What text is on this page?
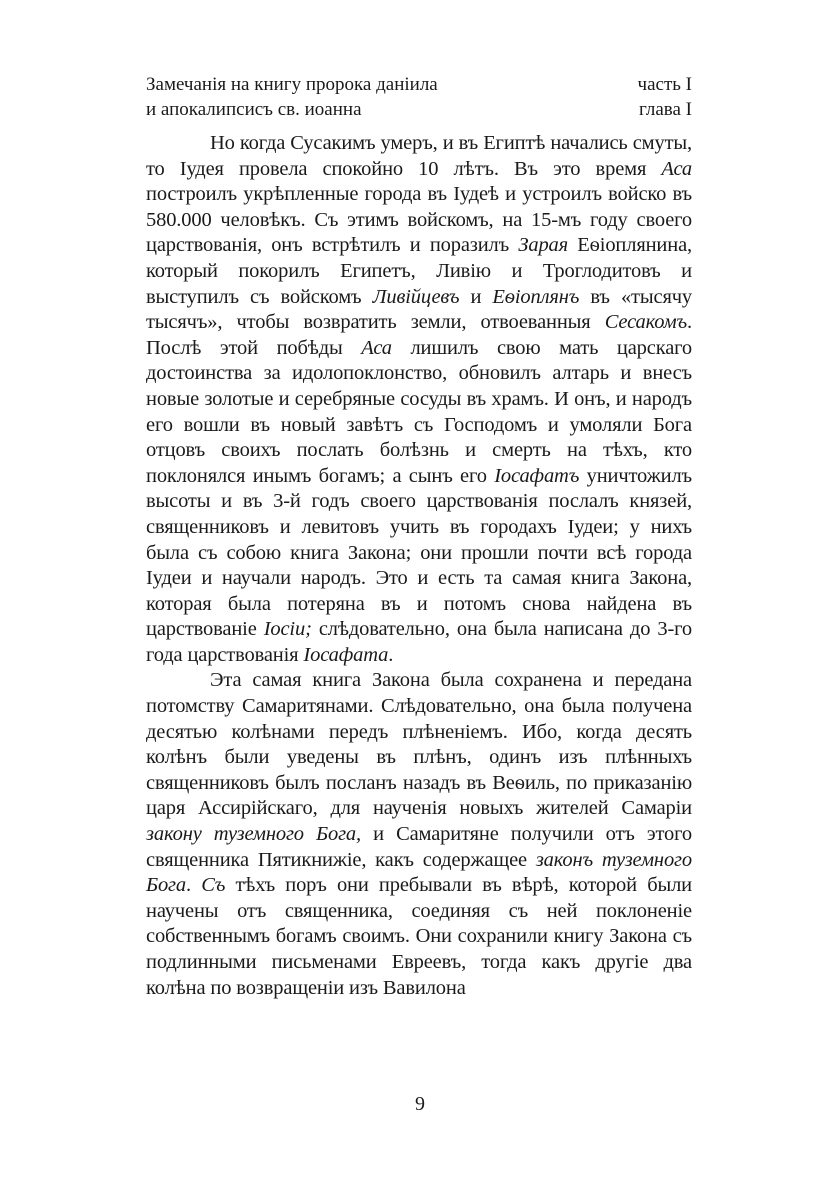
Замечанія на книгу пророка даніила	часть I
и апокалипсисъ св. иоанна	глава I

Но когда Сусакимъ умеръ, и въ Египтѣ начались смуты, то Іудея провела спокойно 10 лѣтъ. Въ это время Аса построилъ укрѣпленные города въ Іудеѣ и устроилъ войско въ 580.000 человѣкъ. Съ этимъ войскомъ, на 15-мъ году своего царствованія, онъ встрѣтилъ и поразилъ Зарая Еѳіоплянина, который покорилъ Египетъ, Ливію и Троглодитовъ и выступилъ съ войскомъ Ливійцевъ и Еѳіоплянъ въ «тысячу тысячъ», чтобы возвратить земли, отвоеванныя Сесакомъ. Послѣ этой побѣды Аса лишилъ свою мать царскаго достоинства за идолопоклонство, обновилъ алтарь и внесъ новые золотые и серебряные сосуды въ храмъ. И онъ, и народъ его вошли въ новый завѣтъ съ Господомъ и умоляли Бога отцовъ своихъ послать болѣзнь и смерть на тѣхъ, кто поклонялся инымъ богамъ; а сынъ его Іосафатъ уничтожилъ высоты и въ 3-й годъ своего царствованія послалъ князей, священниковъ и левитовъ учить въ городахъ Іудеи; у нихъ была съ собою книга Закона; они прошли почти всѣ города Іудеи и научали народъ. Это и есть та самая книга Закона, которая была потеряна въ и потомъ снова найдена въ царствованіе Іосіи; слѣдовательно, она была написана до 3-го года царствованія Іосафата.

Эта самая книга Закона была сохранена и передана потомству Самаритянами. Слѣдовательно, она была получена десятью колѣнами передъ плѣненіемъ. Ибо, когда десять колѣнъ были уведены въ плѣнъ, одинъ изъ плѣнныхъ священниковъ былъ посланъ назадъ въ Веѳиль, по приказанію царя Ассирійскаго, для наученія новыхъ жителей Самаріи закону туземного Бога, и Самаритяне получили отъ этого священника Пятикнижіе, какъ содержащее законъ туземного Бога. Съ тѣхъ поръ они пребывали въ вѣрѣ, которой были научены отъ священника, соединяя съ ней поклоненіе собственнымъ богамъ своимъ. Они сохранили книгу Закона съ подлинными письменами Евреевъ, тогда какъ другіе два колѣна по возвращеніи изъ Вавилона

9
